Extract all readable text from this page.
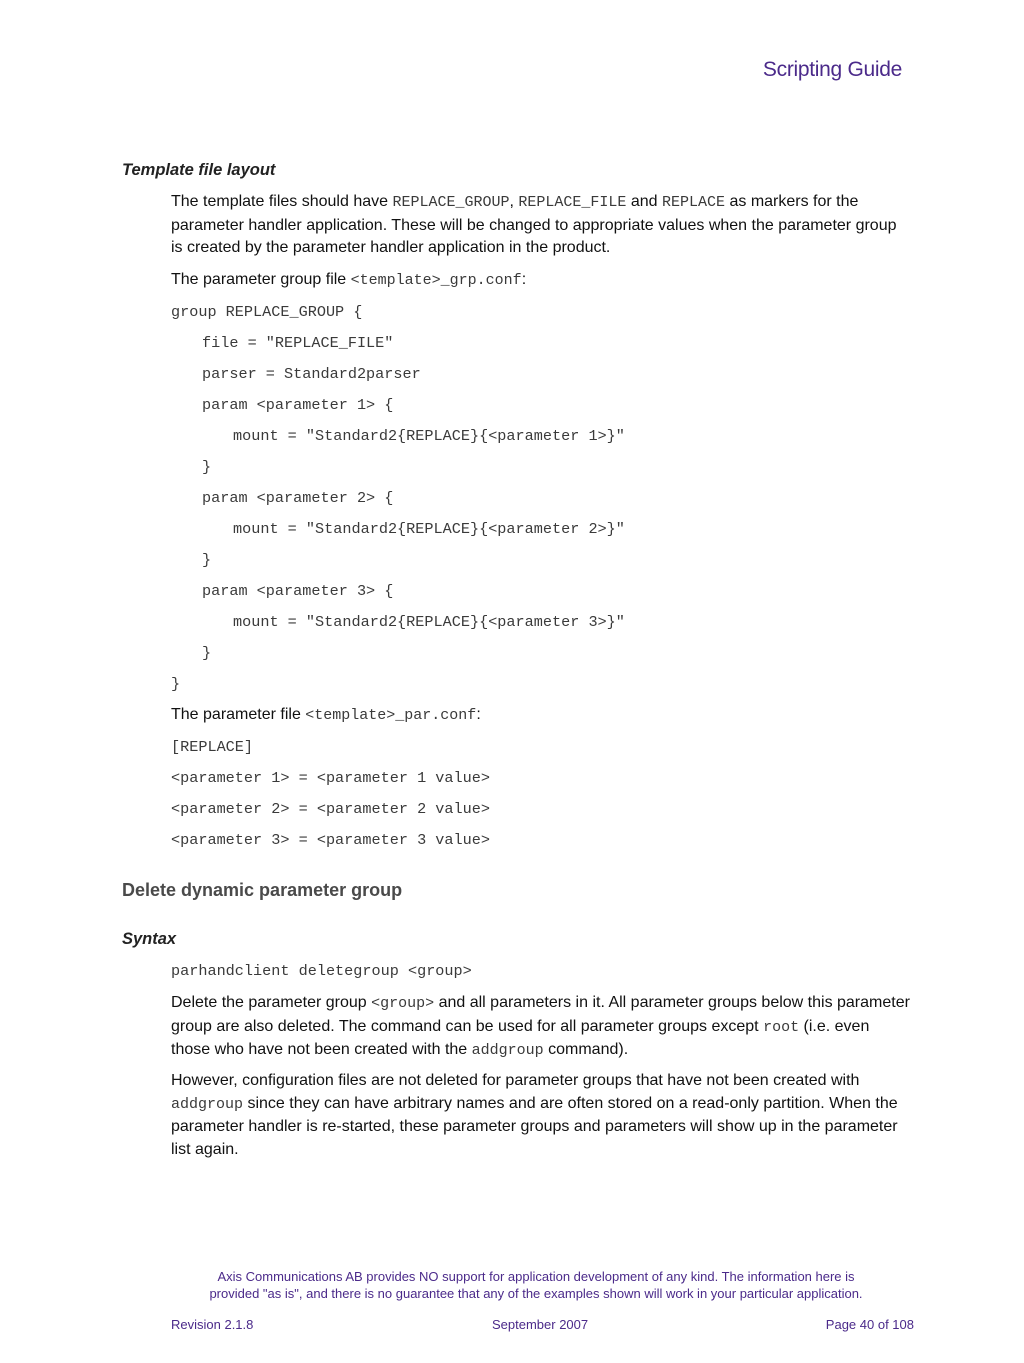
Scripting Guide
Template file layout

The template files should have REPLACE_GROUP, REPLACE_FILE and REPLACE as markers for the parameter handler application. These will be changed to appropriate values when the parameter group is created by the parameter handler application in the product.

The parameter group file <template>_grp.conf:

group REPLACE_GROUP {
file = "REPLACE_FILE"
parser = Standard2parser
param <parameter 1> {
mount = "Standard2{REPLACE}{<parameter 1>}"
}
param <parameter 2> {
mount = "Standard2{REPLACE}{<parameter 2>}"
}
param <parameter 3> {
mount = "Standard2{REPLACE}{<parameter 3>}"
}
}

The parameter file <template>_par.conf:

[REPLACE]
<parameter 1> = <parameter 1 value>
<parameter 2> = <parameter 2 value>
<parameter 3> = <parameter 3 value>
Delete dynamic parameter group
Syntax
parhandclient deletegroup <group>

Delete the parameter group <group> and all parameters in it. All parameter groups below this parameter group are also deleted. The command can be used for all parameter groups except root (i.e. even those who have not been created with the addgroup command).

However, configuration files are not deleted for parameter groups that have not been created with addgroup since they can have arbitrary names and are often stored on a read-only partition. When the parameter handler is re-started, these parameter groups and parameters will show up in the parameter list again.

Axis Communications AB provides NO support for application development of any kind. The information here is
provided "as is", and there is no guarantee that any of the examples shown will work in your particular application.
Revision 2.1.8	September 2007	Page 40 of 108
